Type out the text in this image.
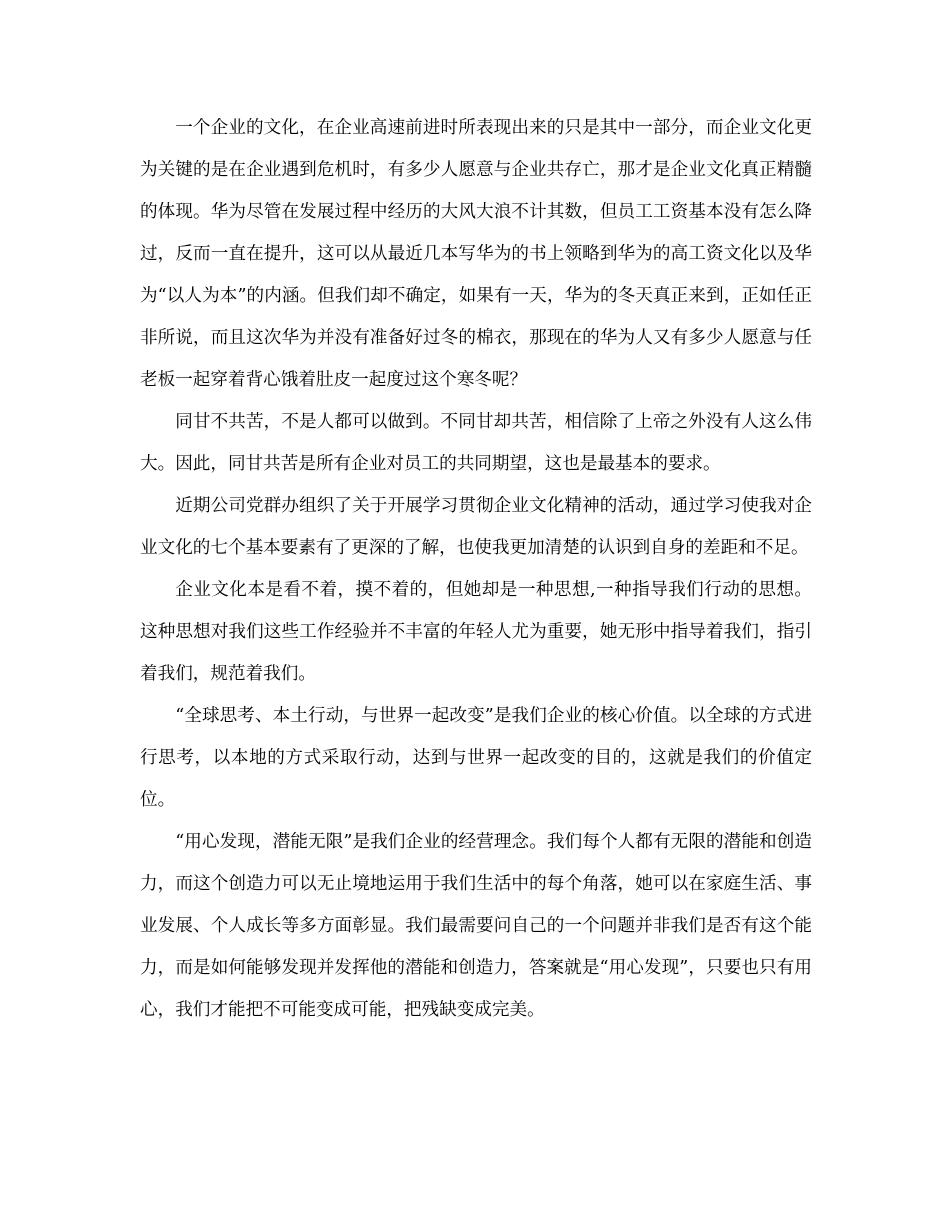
一个企业的文化，在企业高速前进时所表现出来的只是其中一部分，而企业文化更为关键的是在企业遇到危机时，有多少人愿意与企业共存亡，那才是企业文化真正精髓的体现。华为尽管在发展过程中经历的大风大浪不计其数，但员工工资基本没有怎么降过，反而一直在提升，这可以从最近几本写华为的书上领略到华为的高工资文化以及华为“以人为本”的内涵。但我们却不确定，如果有一天，华为的冬天真正来到，正如任正非所说，而且这次华为并没有准备好过冬的棉衣，那现在的华为人又有多少人愿意与任老板一起穿着背心饿着肚皮一起度过这个寒冬呢？

同甘不共苦，不是人都可以做到。不同甘却共苦，相信除了上帝之外没有人这么伟大。因此，同甘共苦是所有企业对员工的共同期望，这也是最基本的要求。

近期公司党群办组织了关于开展学习贯彻企业文化精神的活动，通过学习使我对企业文化的七个基本要素有了更深的了解，也使我更加清楚的认识到自身的差距和不足。

企业文化本是看不着，摸不着的，但她却是一种思想,一种指导我们行动的思想。这种思想对我们这些工作经验并不丰富的年轻人尤为重要，她无形中指导着我们，指引着我们，规范着我们。

“全球思考、本土行动，与世界一起改变”是我们企业的核心价值。以全球的方式进行思考，以本地的方式采取行动，达到与世界一起改变的目的，这就是我们的价值定位。

“用心发现，潜能无限”是我们企业的经营理念。我们每个人都有无限的潜能和创造力，而这个创造力可以无止境地运用于我们生活中的每个角落，她可以在家庭生活、事业发展、个人成长等多方面彰显。我们最需要问自己的一个问题并非我们是否有这个能力，而是如何能够发现并发挥他的潜能和创造力，答案就是“用心发现”，只要也只有用心，我们才能把不可能变成可能，把残缺变成完美。
